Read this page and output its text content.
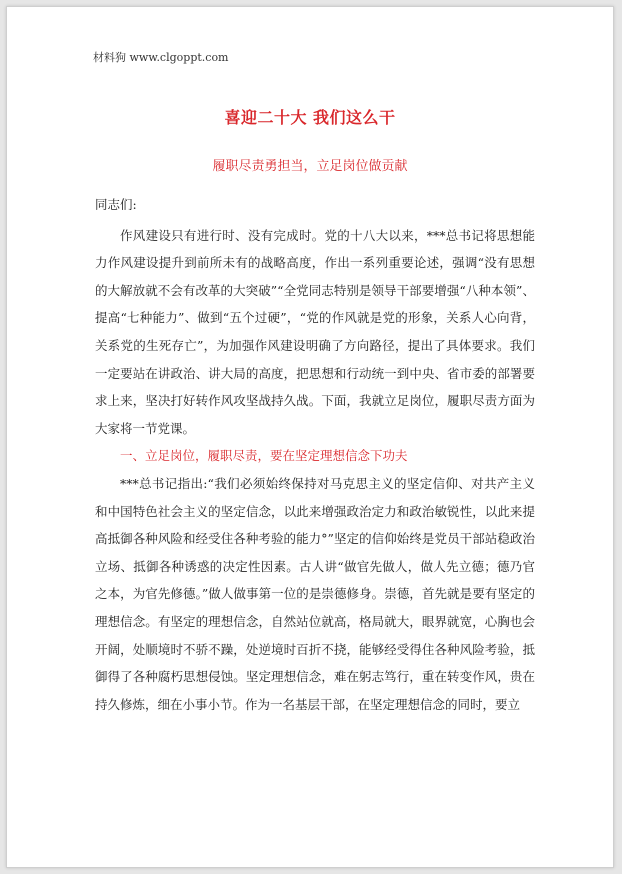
材料狗 www.clgoppt.com
喜迎二十大 我们这么干
履职尽责勇担当，立足岗位做贡献

同志们:

作风建设只有进行时、没有完成时。党的十八大以来，***总书记将思想能力作风建设提升到前所未有的战略高度，作出一系列重要论述，强调“没有思想的大解放就不会有改革的大突破”“全党同志特别是领导干部要增强“八种本领”、提高“七种能力”、做到“五个过硬”，“党的作风就是党的形象，关系人心向背，关系党的生死存亡”，为加强作风建设明确了方向路径，提出了具体要求。我们一定要站在讲政治、讲大局的高度，把思想和行动统一到中央、省市委的部署要求上来，坚决打好转作风攻坚战持久战。下面，我就立足岗位，履职尽责方面为大家将一节党课。

一、立足岗位，履职尽责，要在坚定理想信念下功夫

***总书记指出:“我们必须始终保持对马克思主义的坚定信仰、对共产主义和中国特色社会主义的坚定信念，以此来增强政治定力和政治敏锐性，以此来提高抵御各种风险和经受住各种考验的能力°”坚定的信仰始终是党员干部站稳政治立场、抵御各种诱惑的决定性因素。古人讲“做官先做人，做人先立德；德乃官之本，为官先修德。”做人做事第一位的是崇德修身。崇德，首先就是要有坚定的理想信念。有坚定的理想信念，自然站位就高，格局就大，眼界就宽，心胸也会开阔，处顺境时不骄不躁，处逆境时百折不挠，能够经受得住各种风险考验，抵御得了各种腐朽思想侵蚀。坚定理想信念，难在躬志笃行，重在转变作风，贵在持久修炼，细在小事小节。作为一名基层干部，在坚定理想信念的同时，要立
